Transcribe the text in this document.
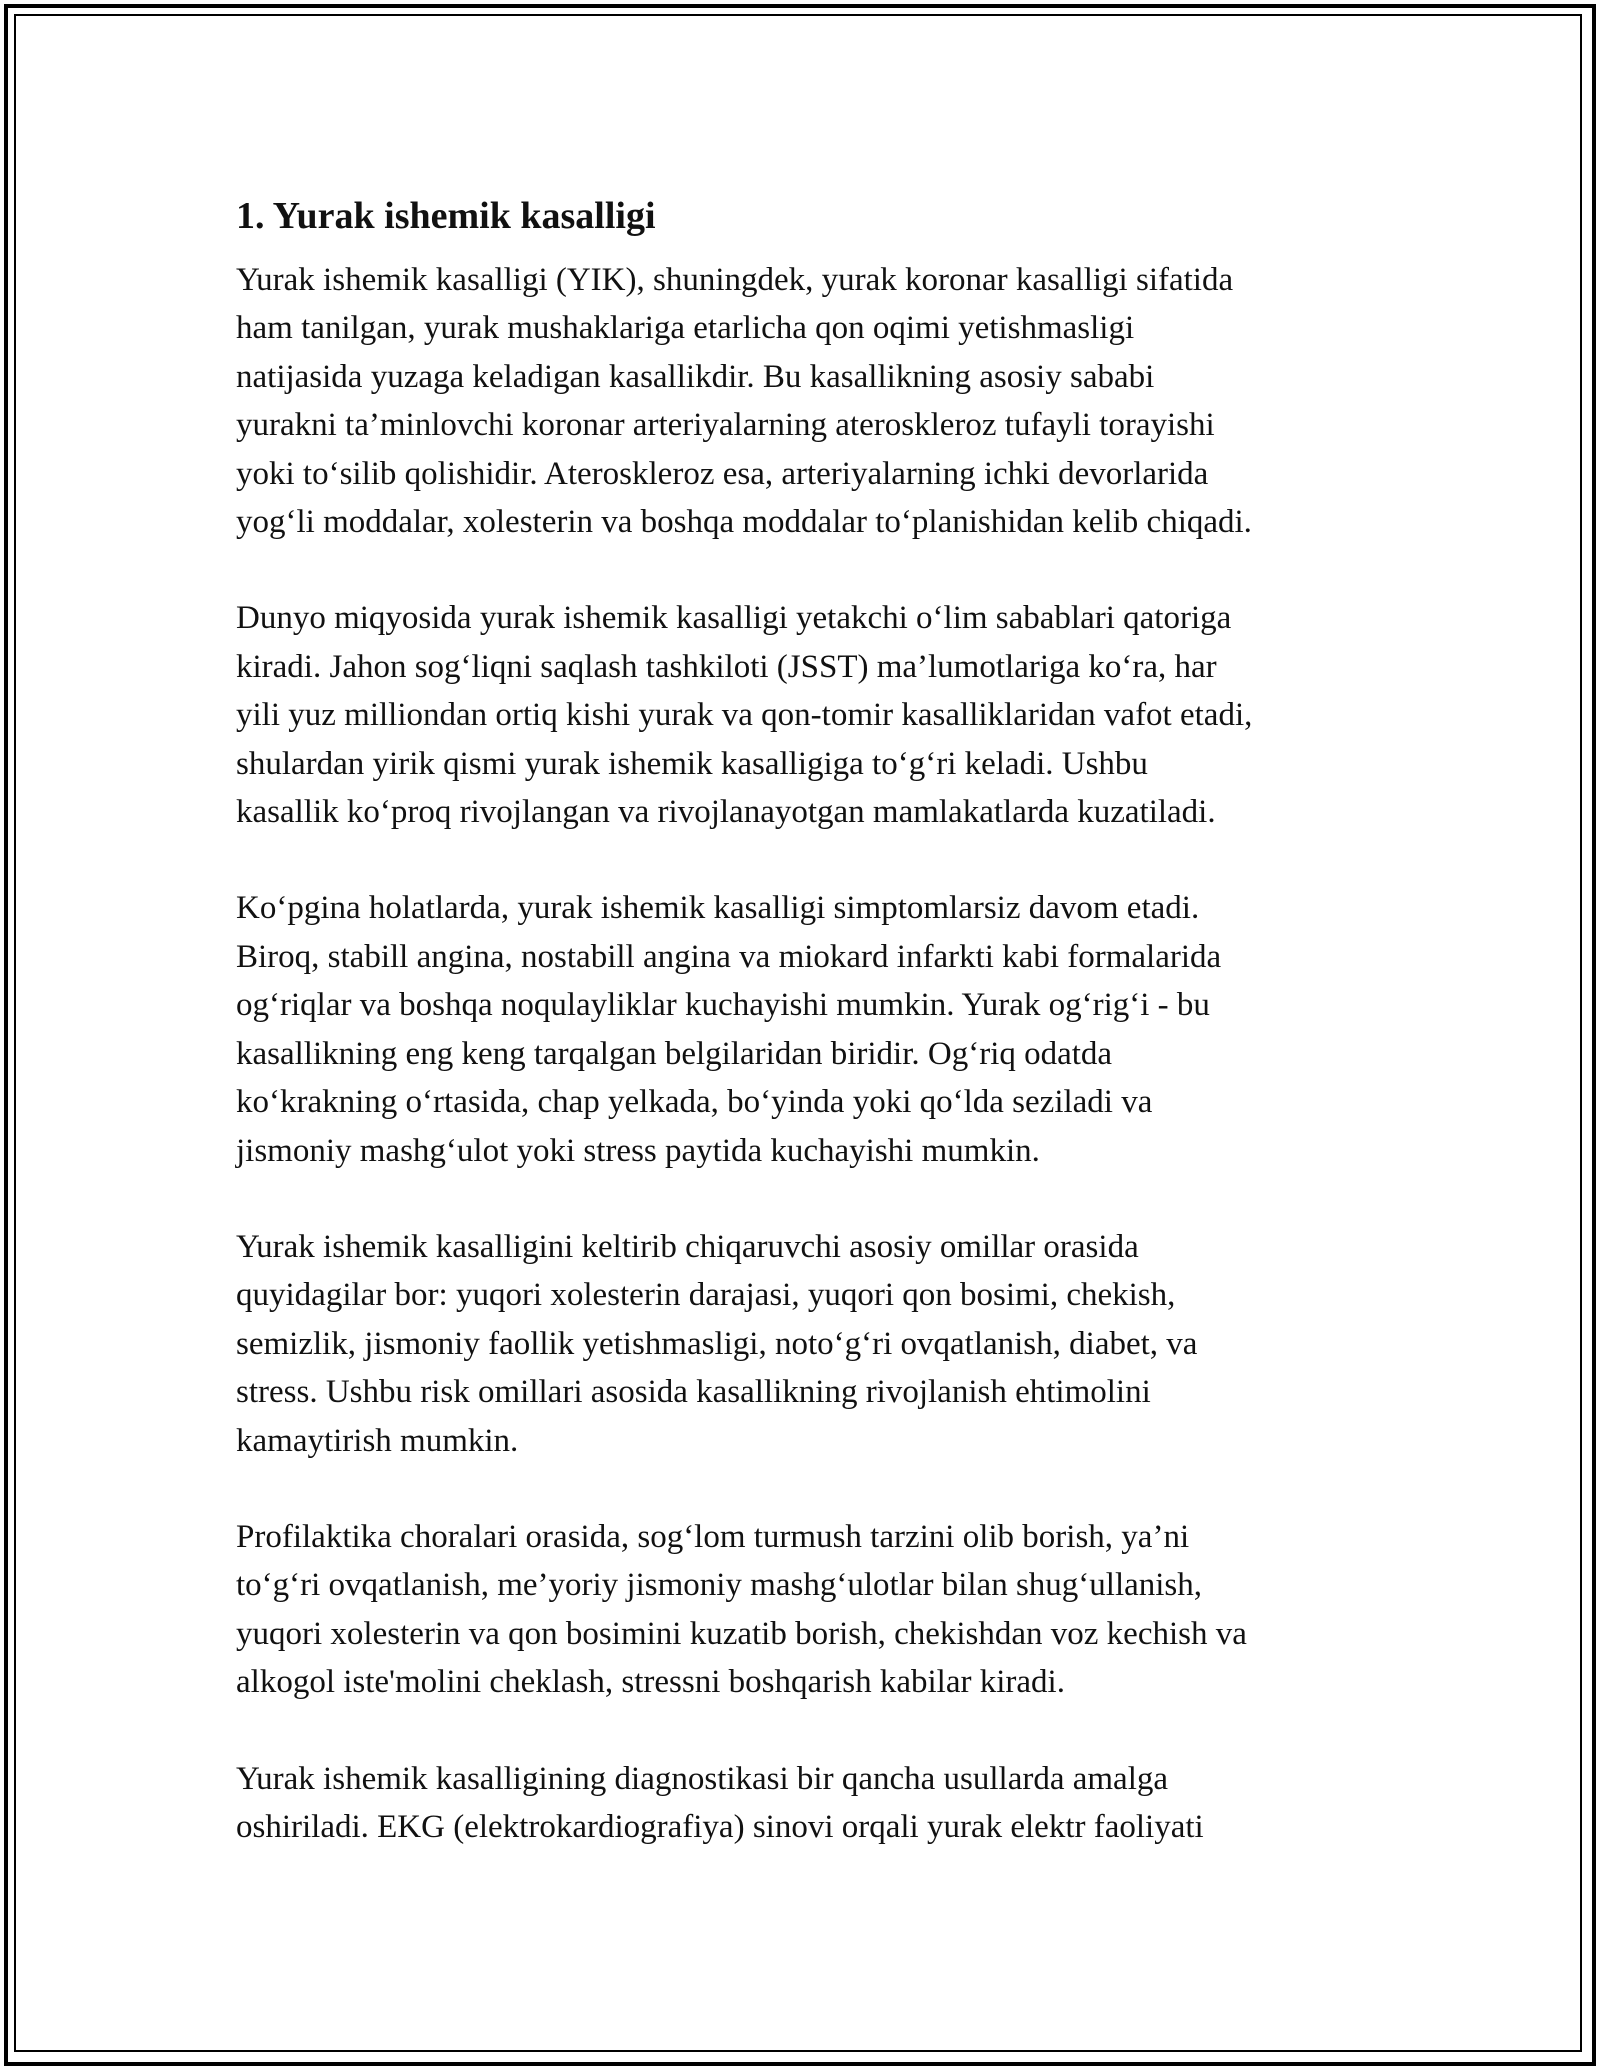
1. Yurak ishemik kasalligi

Yurak ishemik kasalligi (YIK), shuningdek, yurak koronar kasalligi sifatida
ham tanilgan, yurak mushaklariga etarlicha qon oqimi yetishmasligi
natijasida yuzaga keladigan kasallikdir. Bu kasallikning asosiy sababi
yurakni ta’minlovchi koronar arteriyalarning ateroskleroz tufayli torayishi
yoki to‘silib qolishidir. Ateroskleroz esa, arteriyalarning ichki devorlarida
yog‘li moddalar, xolesterin va boshqa moddalar to‘planishidan kelib chiqadi.

Dunyo miqyosida yurak ishemik kasalligi yetakchi o‘lim sabablari qatoriga
kiradi. Jahon sog‘liqni saqlash tashkiloti (JSST) ma’lumotlariga ko‘ra, har
yili yuz milliondan ortiq kishi yurak va qon-tomir kasalliklaridan vafot etadi,
shulardan yirik qismi yurak ishemik kasalligiga to‘g‘ri keladi. Ushbu
kasallik ko‘proq rivojlangan va rivojlanayotgan mamlakatlarda kuzatiladi.

Ko‘pgina holatlarda, yurak ishemik kasalligi simptomlarsiz davom etadi.
Biroq, stabill angina, nostabill angina va miokard infarkti kabi formalarida
og‘riqlar va boshqa noqulayliklar kuchayishi mumkin. Yurak og‘rig‘i - bu
kasallikning eng keng tarqalgan belgilaridan biridir. Og‘riq odatda
ko‘krakning o‘rtasida, chap yelkada, bo‘yinda yoki qo‘lda seziladi va
jismoniy mashg‘ulot yoki stress paytida kuchayishi mumkin.

Yurak ishemik kasalligini keltirib chiqaruvchi asosiy omillar orasida
quyidagilar bor: yuqori xolesterin darajasi, yuqori qon bosimi, chekish,
semizlik, jismoniy faollik yetishmasligi, noto‘g‘ri ovqatlanish, diabet, va
stress. Ushbu risk omillari asosida kasallikning rivojlanish ehtimolini
kamaytirish mumkin.

Profilaktika choralari orasida, sog‘lom turmush tarzini olib borish, ya’ni
to‘g‘ri ovqatlanish, me’yoriy jismoniy mashg‘ulotlar bilan shug‘ullanish,
yuqori xolesterin va qon bosimini kuzatib borish, chekishdan voz kechish va
alkogol iste'molini cheklash, stressni boshqarish kabilar kiradi.

Yurak ishemik kasalligining diagnostikasi bir qancha usullarda amalga
oshiriladi. EKG (elektrokardiografiya) sinovi orqali yurak elektr faoliyati
